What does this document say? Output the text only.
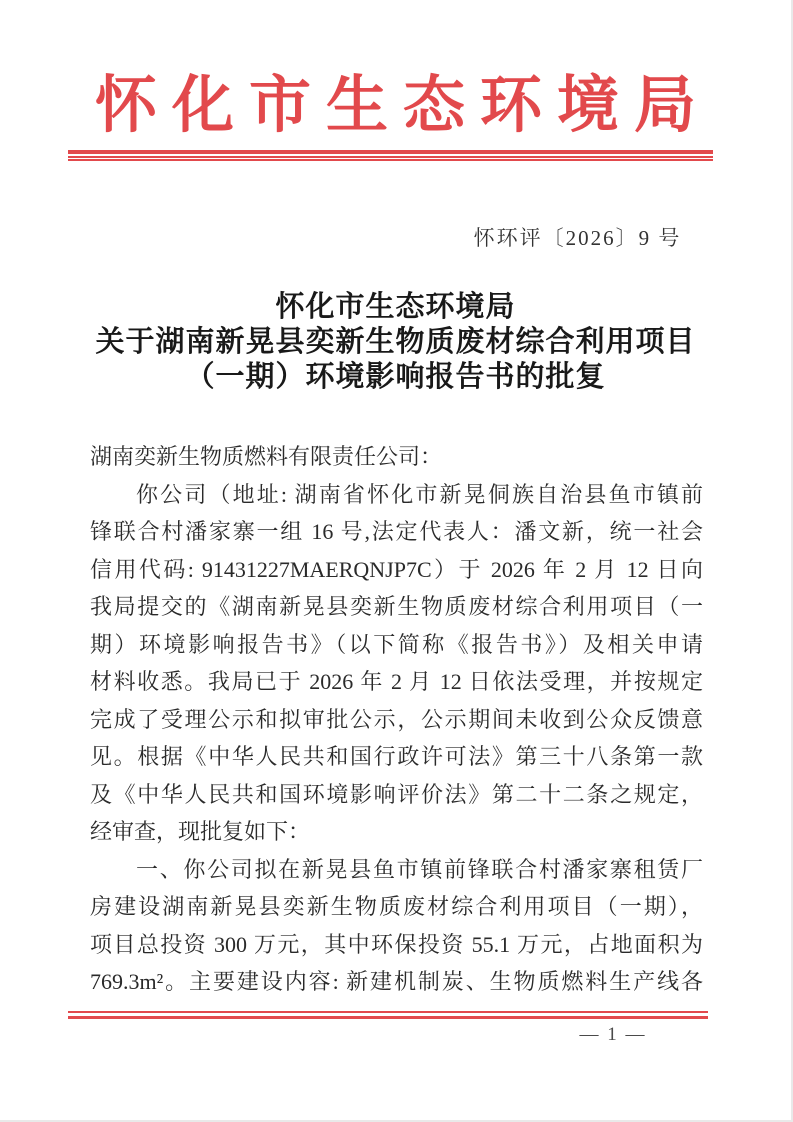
怀化市生态环境局
怀环评〔2026〕9 号
怀化市生态环境局
关于湖南新晃县奕新生物质废材综合利用项目
（一期）环境影响报告书的批复
湖南奕新生物质燃料有限责任公司：
你公司（地址: 湖南省怀化市新晃侗族自治县鱼市镇前
锋联合村潘家寨一组 16 号,法定代表人：潘文新，统一社会
信用代码: 91431227MAERQNJP7C）于 2026 年 2 月 12 日向
我局提交的《湖南新晃县奕新生物质废材综合利用项目（一
期）环境影响报告书》（以下简称《报告书》）及相关申请
材料收悉。我局已于 2026 年 2 月 12 日依法受理，并按规定
完成了受理公示和拟审批公示，公示期间未收到公众反馈意
见。根据《中华人民共和国行政许可法》第三十八条第一款
及《中华人民共和国环境影响评价法》第二十二条之规定，
经审查，现批复如下：
一、你公司拟在新晃县鱼市镇前锋联合村潘家寨租赁厂
房建设湖南新晃县奕新生物质废材综合利用项目（一期），
项目总投资 300 万元，其中环保投资 55.1 万元，占地面积为
769.3m²。主要建设内容: 新建机制炭、生物质燃料生产线各
— 1 —
